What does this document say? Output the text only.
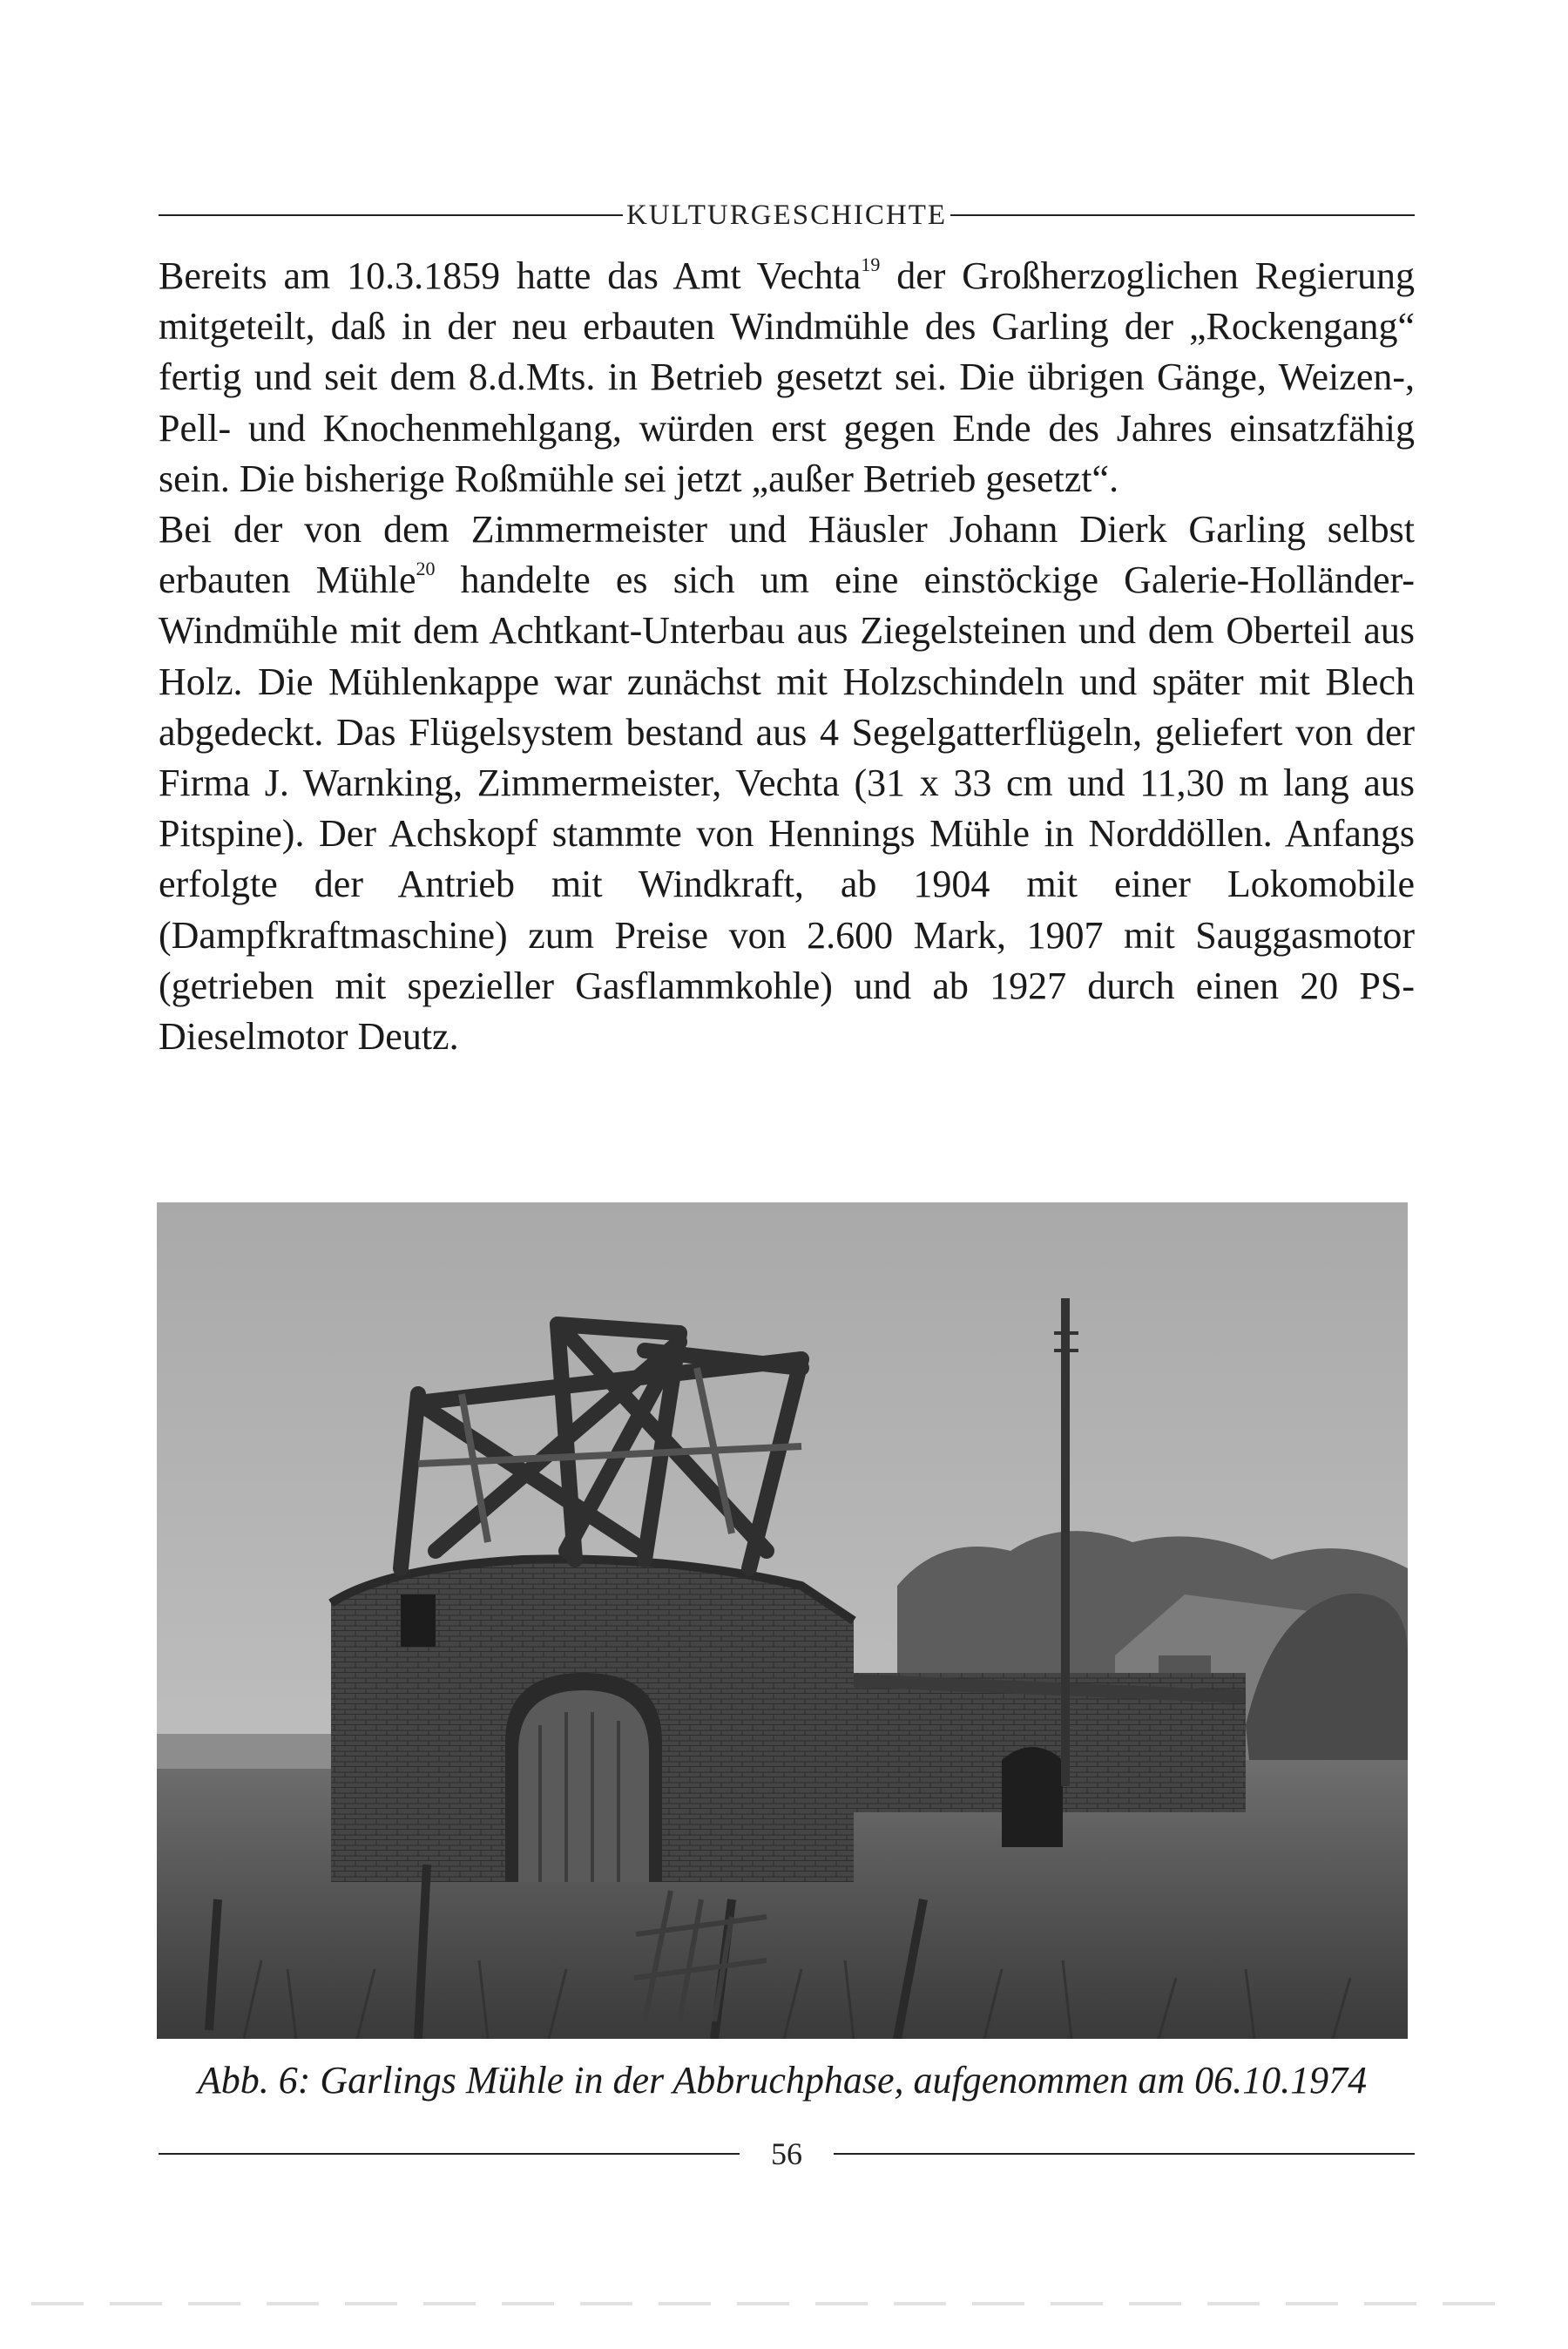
KULTURGESCHICHTE

Bereits am 10.3.1859 hatte das Amt Vechta$^{19}$ der Großherzoglichen Regierung mitgeteilt, daß in der neu erbauten Windmühle des Garling der „Rockengang“ fertig und seit dem 8.d.Mts. in Betrieb gesetzt sei. Die übrigen Gänge, Weizen-, Pell- und Knochenmehlgang, würden erst gegen Ende des Jahres einsatzfähig sein. Die bisherige Roßmühle sei jetzt „außer Betrieb gesetzt“.

Bei der von dem Zimmermeister und Häusler Johann Dierk Garling selbst erbauten Mühle$^{20}$ handelte es sich um eine einstöckige Galerie-Holländer-Windmühle mit dem Achtkant-Unterbau aus Ziegelsteinen und dem Oberteil aus Holz. Die Mühlenkappe war zunächst mit Holzschindeln und später mit Blech abgedeckt. Das Flügelsystem bestand aus 4 Segelgatterflügeln, geliefert von der Firma J. Warnking, Zimmermeister, Vechta (31 x 33 cm und 11,30 m lang aus Pitspine). Der Achskopf stammte von Hennings Mühle in Norddöllen. Anfangs erfolgte der Antrieb mit Windkraft, ab 1904 mit einer Lokomobile (Dampfkraftmaschine) zum Preise von 2.600 Mark, 1907 mit Sauggasmotor (getrieben mit spezieller Gasflammkohle) und ab 1927 durch einen 20 PS-Dieselmotor Deutz.

Abb. 6: Garlings Mühle in der Abbruchphase, aufgenommen am 06.10.1974
56
